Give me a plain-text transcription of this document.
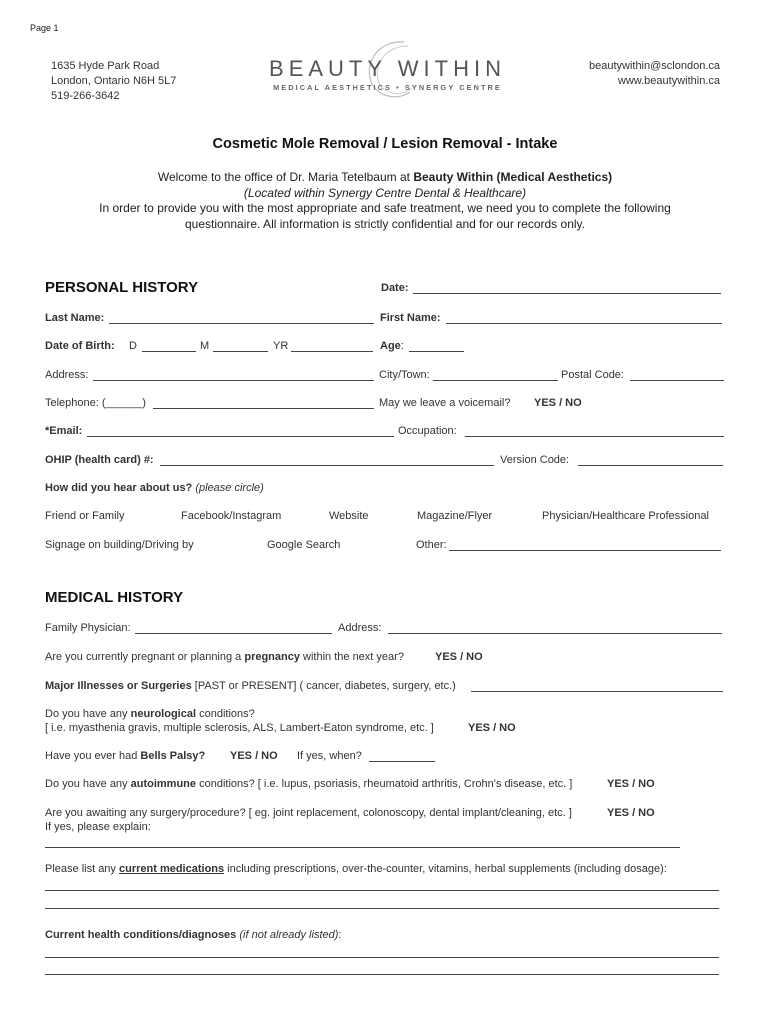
Page 1
1635 Hyde Park Road
London, Ontario N6H 5L7
519-266-3642
BEAUTY WITHIN
MEDICAL AESTHETICS • SYNERGY CENTRE
beautywithin@sclondon.ca
www.beautywithin.ca
Cosmetic Mole Removal / Lesion Removal - Intake
Welcome to the office of Dr. Maria Tetelbaum at Beauty Within (Medical Aesthetics)
(Located within Synergy Centre Dental & Healthcare)
In order to provide you with the most appropriate and safe treatment, we need you to complete the following
questionnaire. All information is strictly confidential and for our records only.
PERSONAL HISTORY	Date:
Last Name:	First Name:
Date of Birth: D	M	YR	Age:
Address:	City/Town:	Postal Code:
Telephone: (______)	May we leave a voicemail? YES / NO
*Email:	Occupation:
OHIP (health card) #:	Version Code:
How did you hear about us? (please circle)
Friend or Family	Facebook/Instagram	Website	Magazine/Flyer	Physician/Healthcare Professional
Signage on building/Driving by	Google Search	Other:
MEDICAL HISTORY
Family Physician:	Address:
Are you currently pregnant or planning a pregnancy within the next year?	YES / NO
Major Illnesses or Surgeries [PAST or PRESENT] ( cancer, diabetes, surgery, etc.)
Do you have any neurological conditions?
[ i.e. myasthenia gravis, multiple sclerosis, ALS, Lambert-Eaton syndrome, etc. ]	YES / NO
Have you ever had Bells Palsy? YES / NO If yes, when?
Do you have any autoimmune conditions? [ i.e. lupus, psoriasis, rheumatoid arthritis, Crohn's disease, etc. ]	YES / NO
Are you awaiting any surgery/procedure? [ eg. joint replacement, colonoscopy, dental implant/cleaning, etc. ]	YES / NO
If yes, please explain:
Please list any current medications including prescriptions, over-the-counter, vitamins, herbal supplements (including dosage):
Current health conditions/diagnoses (if not already listed):
